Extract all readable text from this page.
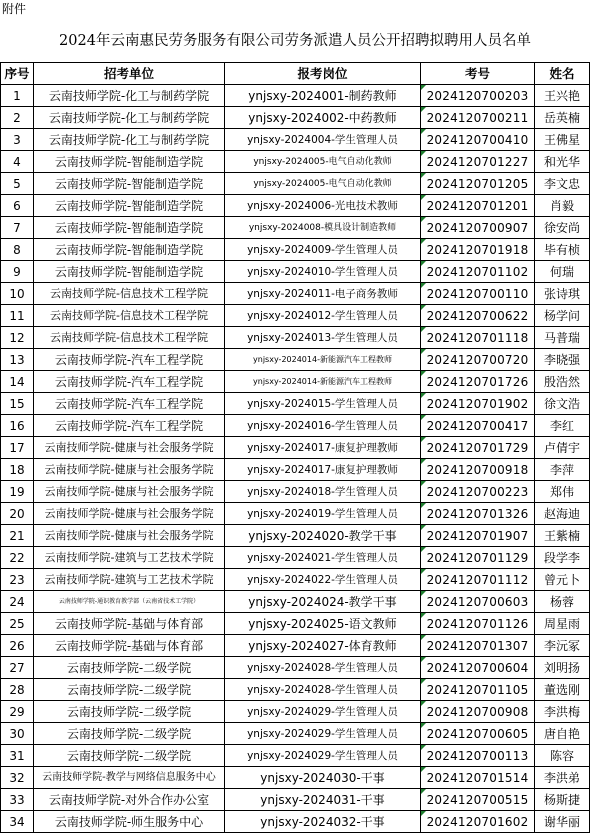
附件
2024年云南惠民劳务服务有限公司劳务派遣人员公开招聘拟聘用人员名单
序号	招考单位	报考岗位	考号	姓名
1	云南技师学院-化工与制药学院	ynjsxy-2024001-制药教师	2024120700203	王兴艳
2	云南技师学院-化工与制药学院	ynjsxy-2024002-中药教师	2024120700211	岳英楠
3	云南技师学院-化工与制药学院	ynjsxy-2024004-学生管理人员	2024120700410	王佛星
4	云南技师学院-智能制造学院	ynjsxy-2024005-电气自动化教师	2024120701227	和光华
5	云南技师学院-智能制造学院	ynjsxy-2024005-电气自动化教师	2024120701205	李文忠
6	云南技师学院-智能制造学院	ynjsxy-2024006-光电技术教师	2024120701201	肖毅
7	云南技师学院-智能制造学院	ynjsxy-2024008-模具设计制造教师	2024120700907	徐安尚
8	云南技师学院-智能制造学院	ynjsxy-2024009-学生管理人员	2024120701918	毕有桢
9	云南技师学院-智能制造学院	ynjsxy-2024010-学生管理人员	2024120701102	何瑞
10	云南技师学院-信息技术工程学院	ynjsxy-2024011-电子商务教师	2024120700110	张诗琪
11	云南技师学院-信息技术工程学院	ynjsxy-2024012-学生管理人员	2024120700622	杨学问
12	云南技师学院-信息技术工程学院	ynjsxy-2024013-学生管理人员	2024120701118	马普瑞
13	云南技师学院-汽车工程学院	ynjsxy-2024014-新能源汽车工程教师	2024120700720	李晓强
14	云南技师学院-汽车工程学院	ynjsxy-2024014-新能源汽车工程教师	2024120701726	殷浩然
15	云南技师学院-汽车工程学院	ynjsxy-2024015-学生管理人员	2024120701902	徐文浩
16	云南技师学院-汽车工程学院	ynjsxy-2024016-学生管理人员	2024120700417	李红
17	云南技师学院-健康与社会服务学院	ynjsxy-2024017-康复护理教师	2024120701729	卢倩宇
18	云南技师学院-健康与社会服务学院	ynjsxy-2024017-康复护理教师	2024120700918	李萍
19	云南技师学院-健康与社会服务学院	ynjsxy-2024018-学生管理人员	2024120700223	郑伟
20	云南技师学院-健康与社会服务学院	ynjsxy-2024019-学生管理人员	2024120701326	赵海迪
21	云南技师学院-健康与社会服务学院	ynjsxy-2024020-教学干事	2024120701907	王紫楠
22	云南技师学院-建筑与工艺技术学院	ynjsxy-2024021-学生管理人员	2024120701129	段学李
23	云南技师学院-建筑与工艺技术学院	ynjsxy-2024022-学生管理人员	2024120701112	曾元卜
24	云南技师学院-通识教育教学部（云南省技术工学院）	ynjsxy-2024024-教学干事	2024120700603	杨蓉
25	云南技师学院-基础与体育部	ynjsxy-2024025-语文教师	2024120701126	周星雨
26	云南技师学院-基础与体育部	ynjsxy-2024027-体育教师	2024120701307	李沅冢
27	云南技师学院-二级学院	ynjsxy-2024028-学生管理人员	2024120700604	刘明扬
28	云南技师学院-二级学院	ynjsxy-2024028-学生管理人员	2024120701105	董选刚
29	云南技师学院-二级学院	ynjsxy-2024029-学生管理人员	2024120700908	李洪梅
30	云南技师学院-二级学院	ynjsxy-2024029-学生管理人员	2024120700605	唐自艳
31	云南技师学院-二级学院	ynjsxy-2024029-学生管理人员	2024120700113	陈容
32	云南技师学院-教学与网络信息服务中心	ynjsxy-2024030-干事	2024120701514	李洪弟
33	云南技师学院-对外合作办公室	ynjsxy-2024031-干事	2024120700515	杨斯捷
34	云南技师学院-师生服务中心	ynjsxy-2024032-干事	2024120701602	谢华丽
